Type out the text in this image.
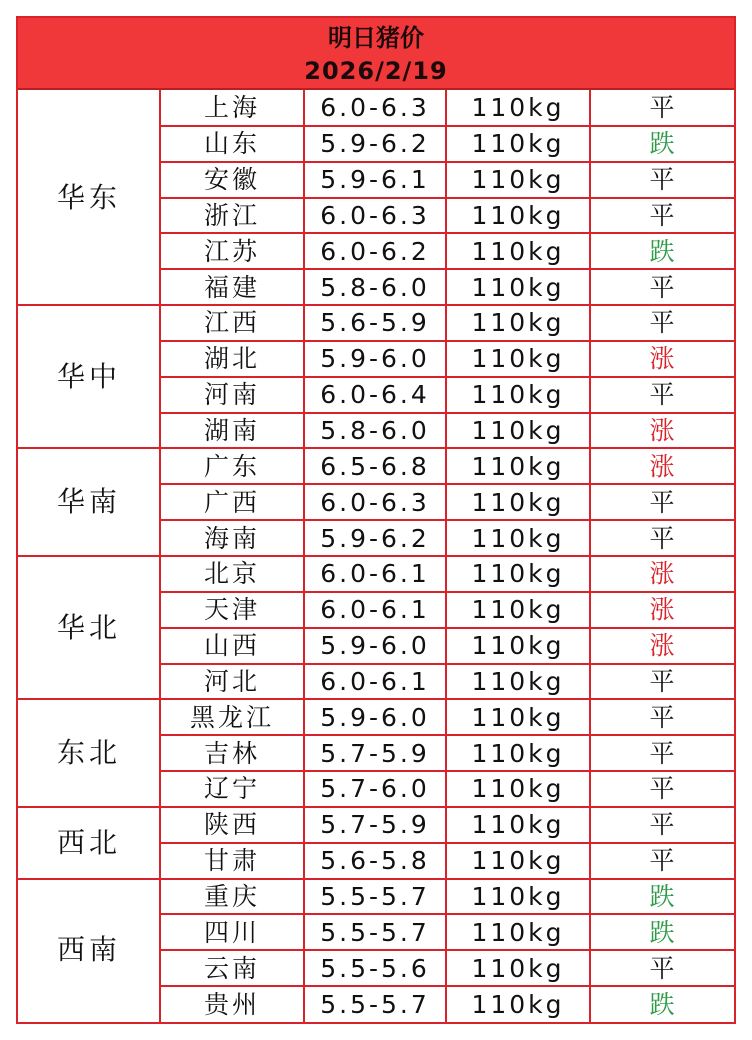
明日猪价
2026/2/19
华东
上海	6.0-6.3	110kg	平
山东	5.9-6.2	110kg	跌
安徽	5.9-6.1	110kg	平
浙江	6.0-6.3	110kg	平
江苏	6.0-6.2	110kg	跌
福建	5.8-6.0	110kg	平
华中
江西	5.6-5.9	110kg	平
湖北	5.9-6.0	110kg	涨
河南	6.0-6.4	110kg	平
湖南	5.8-6.0	110kg	涨
华南
广东	6.5-6.8	110kg	涨
广西	6.0-6.3	110kg	平
海南	5.9-6.2	110kg	平
华北
北京	6.0-6.1	110kg	涨
天津	6.0-6.1	110kg	涨
山西	5.9-6.0	110kg	涨
河北	6.0-6.1	110kg	平
东北
黑龙江	5.9-6.0	110kg	平
吉林	5.7-5.9	110kg	平
辽宁	5.7-6.0	110kg	平
西北
陕西	5.7-5.9	110kg	平
甘肃	5.6-5.8	110kg	平
西南
重庆	5.5-5.7	110kg	跌
四川	5.5-5.7	110kg	跌
云南	5.5-5.6	110kg	平
贵州	5.5-5.7	110kg	跌
